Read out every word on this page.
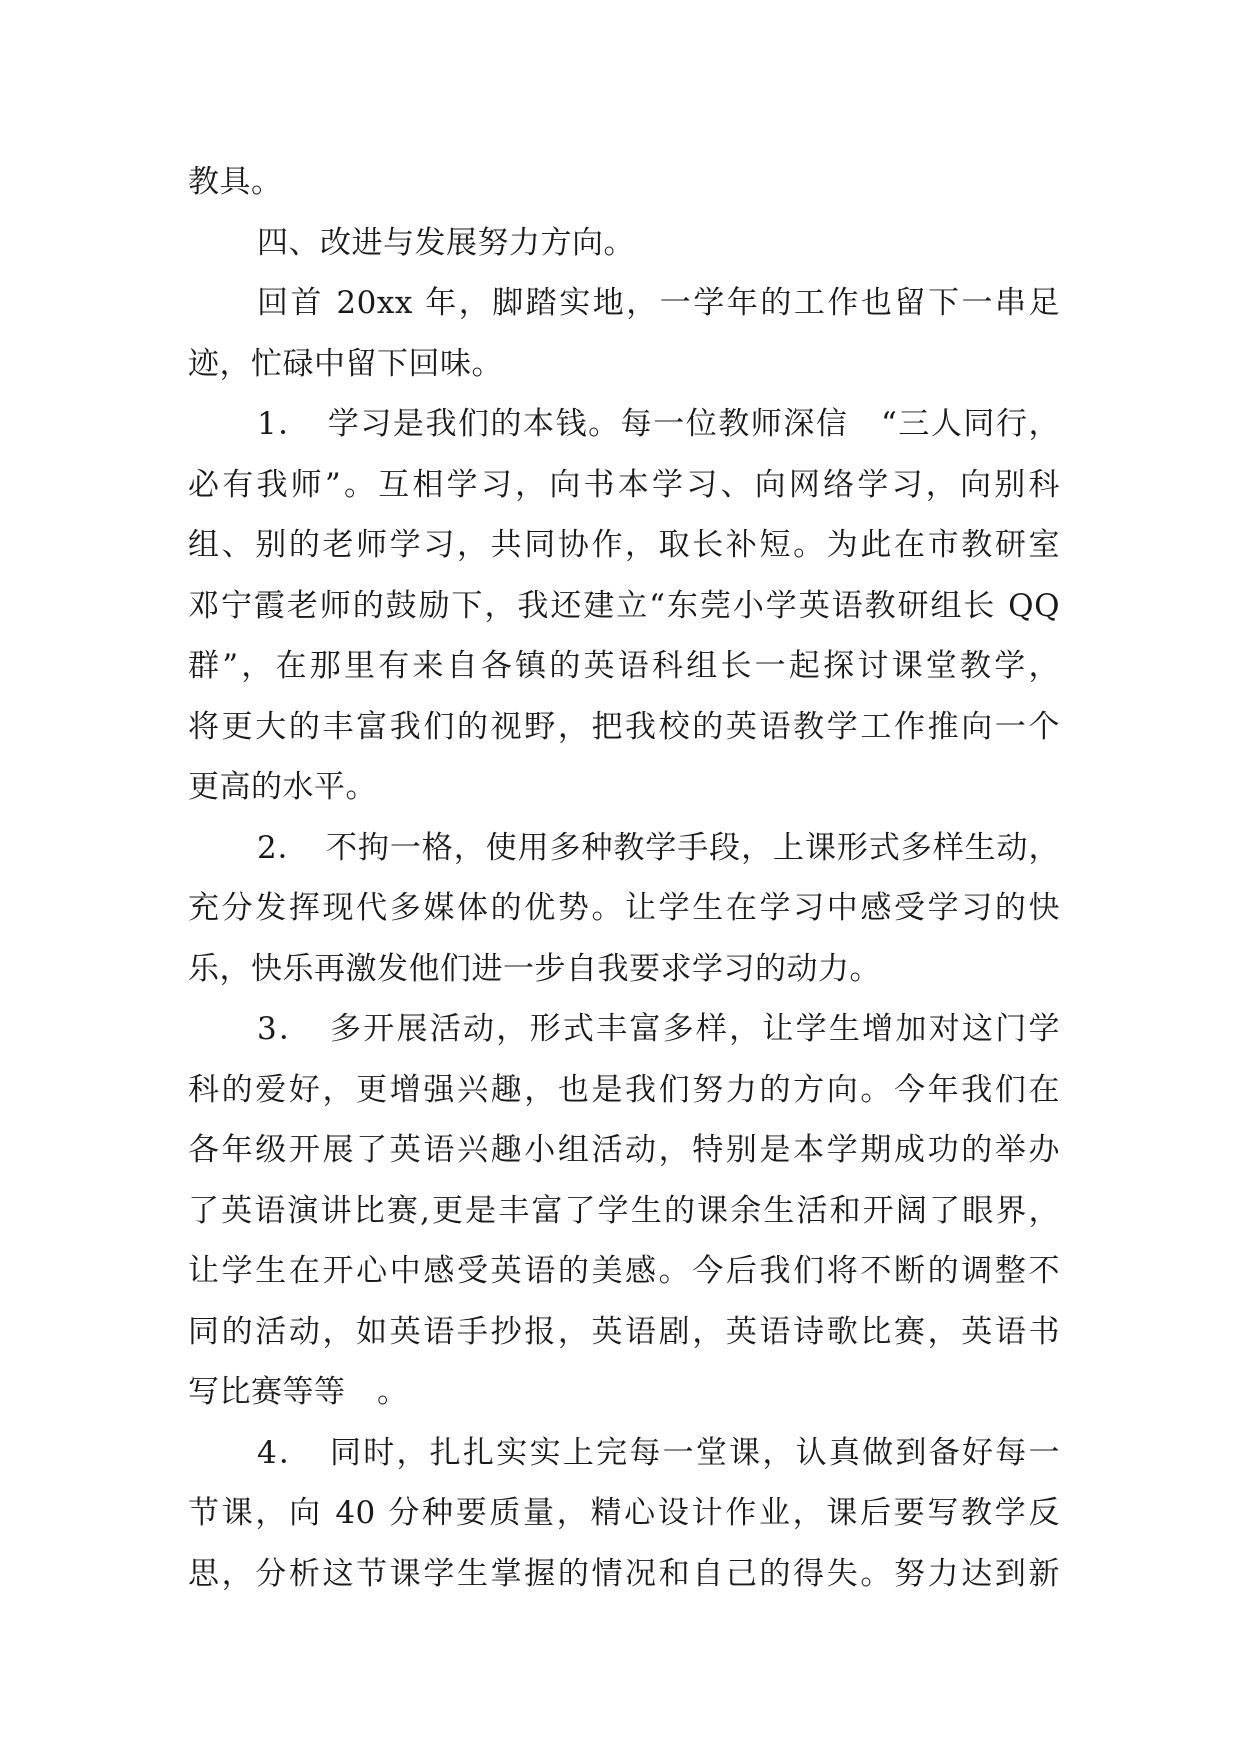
教具。
四、改进与发展努力方向。
回首 20xx 年，脚踏实地，一学年的工作也留下一串足
迹，忙碌中留下回味。
1．　学习是我们的本钱。每一位教师深信　“三人同行，
必有我师”。互相学习，向书本学习、向网络学习，向别科
组、别的老师学习，共同协作，取长补短。为此在市教研室
邓宁霞老师的鼓励下，我还建立“东莞小学英语教研组长 QQ
群”，在那里有来自各镇的英语科组长一起探讨课堂教学，
将更大的丰富我们的视野，把我校的英语教学工作推向一个
更高的水平。
2．　不拘一格，使用多种教学手段，上课形式多样生动，
充分发挥现代多媒体的优势。让学生在学习中感受学习的快
乐，快乐再激发他们进一步自我要求学习的动力。
3．　多开展活动，形式丰富多样，让学生增加对这门学
科的爱好，更增强兴趣，也是我们努力的方向。今年我们在
各年级开展了英语兴趣小组活动，特别是本学期成功的举办
了英语演讲比赛,更是丰富了学生的课余生活和开阔了眼界，
让学生在开心中感受英语的美感。今后我们将不断的调整不
同的活动，如英语手抄报，英语剧，英语诗歌比赛，英语书
写比赛等等　。
4．　同时，扎扎实实上完每一堂课，认真做到备好每一
节课，向 40 分种要质量，精心设计作业，课后要写教学反
思，分析这节课学生掌握的情况和自己的得失。努力达到新
